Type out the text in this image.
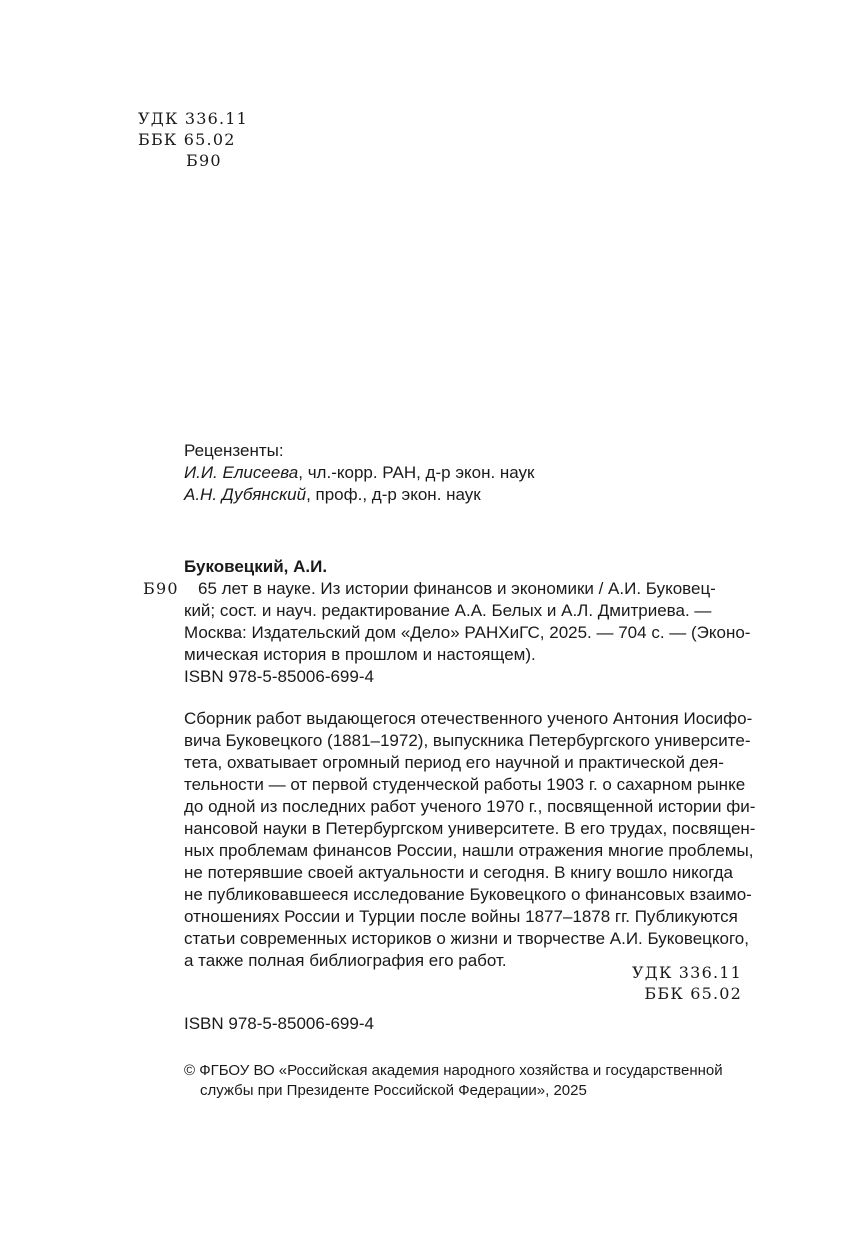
УДК 336.11
ББК 65.02
Б90
Рецензенты:
И.И. Елисеева, чл.-корр. РАН, д-р экон. наук
А.Н. Дубянский, проф., д-р экон. наук
Б90
Буковецкий, А.И.
65 лет в науке. Из истории финансов и экономики / А.И. Буковец-
кий; сост. и науч. редактирование А.А. Белых и А.Л. Дмитриева. —
Москва: Издательский дом «Дело» РАНХиГС, 2025. — 704 с. — (Эконо-
мическая история в прошлом и настоящем).
ISBN 978-5-85006-699-4
Сборник работ выдающегося отечественного ученого Антония Иосифо-
вича Буковецкого (1881–1972), выпускника Петербургского университе-
тета, охватывает огромный период его научной и практической дея-
тельности — от первой студенческой работы 1903 г. о сахарном рынке
до одной из последних работ ученого 1970 г., посвященной истории фи-
нансовой науки в Петербургском университете. В его трудах, посвящен-
ных проблемам финансов России, нашли отражения многие проблемы,
не потерявшие своей актуальности и сегодня. В книгу вошло никогда
не публиковавшееся исследование Буковецкого о финансовых взаимо-
отношениях России и Турции после войны 1877–1878 гг. Публикуются
статьи современных историков о жизни и творчестве А.И. Буковецкого,
а также полная библиография его работ.
УДК 336.11
ББК 65.02
ISBN 978-5-85006-699-4
© ФГБОУ ВО «Российская академия народного хозяйства и государственной
службы при Президенте Российской Федерации», 2025
